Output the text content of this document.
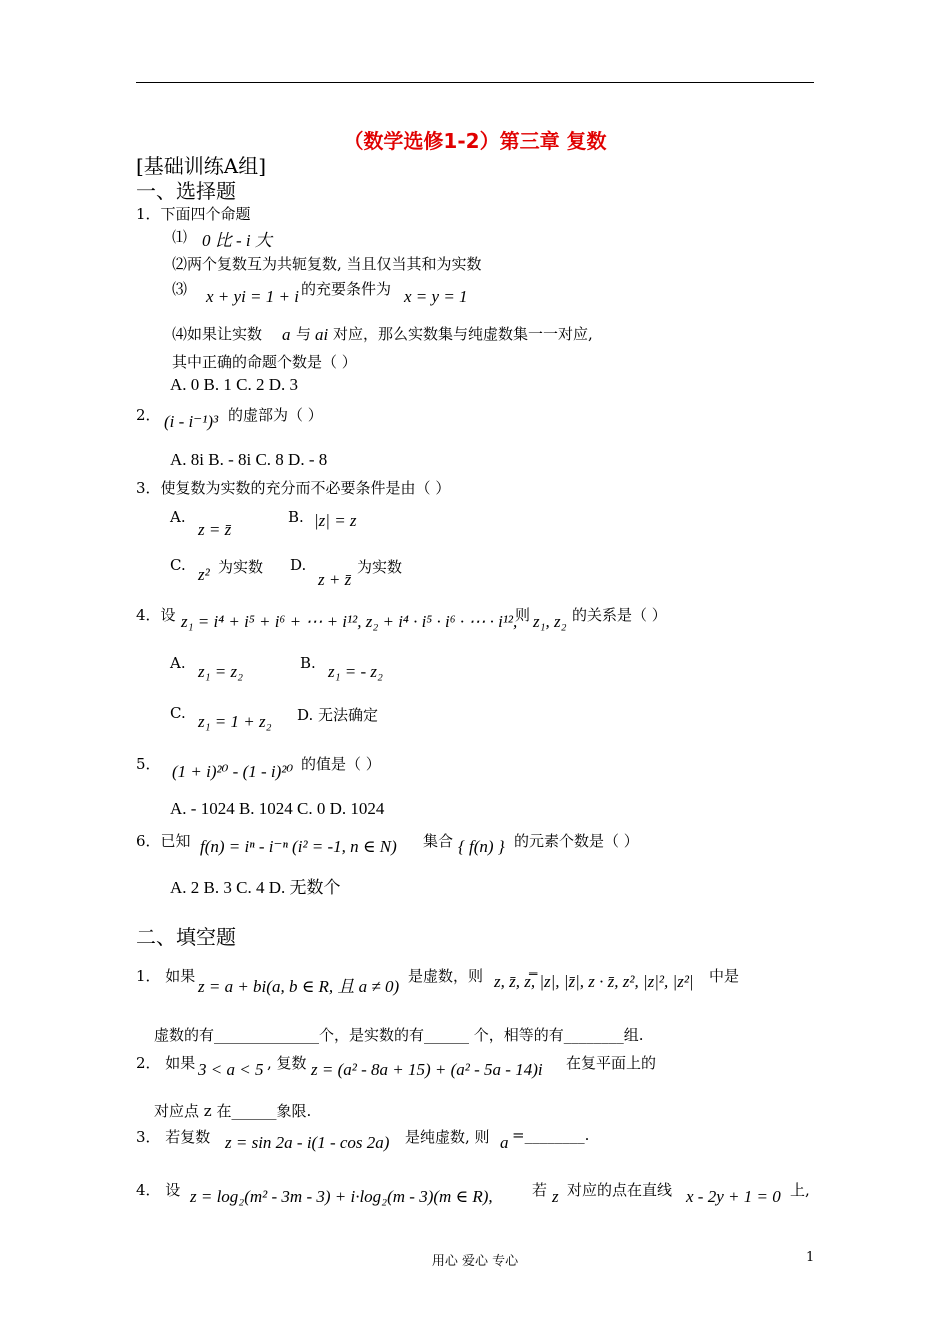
（数学选修1-2）第三章 复数
[基础训练A组]
一、选择题
1．下面四个命题
⑴ 0 比 - i 大
⑵两个复数互为共轭复数, 当且仅当其和为实数
⑶ x + yi = 1 + i 的充要条件为 x = y = 1
⑷如果让实数 a 与 ai 对应，那么实数集与纯虚数集一一对应,
其中正确的命题个数是（ ）
A. 0 B. 1 C. 2 D. 3
2． (i - i⁻¹)³ 的虚部为（ ）
A. 8i B. - 8i C. 8 D. - 8
3．使复数为实数的充分而不必要条件是由（ ）
A.
z = z̄
B. |z| = z
C. z² 为实数 D.
z + z̄
为实数
4．设 z₁ = i⁴ + i⁵ + i⁶ + ⋯ + i¹², z₂ + i⁴ · i⁵ · i⁶ · ⋯ · i¹²,
则 z₁, z₂ 的关系是（ ）
A. z₁ = z₂	B. z₁ = - z₂
C. z₁ = 1 + z₂ D. 无法确定
5． (1 + i)²⁰ - (1 - i)²⁰ 的值是（ ）
A. - 1024 B. 1024 C. 0 D. 1024
6．已知 f(n) = iⁿ - i⁻ⁿ (i² = -1, n ∈ N) 集合 { f(n) } 的元素个数是（ ）
A. 2 B. 3 C. 4 D. 无数个
二、填空题
1． 如果
z = a + bi(a, b ∈ R, 且 a ≠ 0)
是虚数，则 z, z̄, z̿, |z|, |z̄|, z · z̄, z², |z|², |z²| 中是
虚数的有______________个，是实数的有______ 个，相等的有________组.
2． 如果 3 < a < 5 , 复数 z = (a² - 8a + 15) + (a² - 5a - 14)i 在复平面上的
对应点 z 在______象限.
3． 若复数 z = sin 2a - i(1 - cos 2a) 是纯虚数, 则 a =________.
4． 设 z = log₂(m² - 3m - 3) + i·log₂(m - 3)(m ∈ R),	若 z 对应的点在直线 x - 2y + 1 = 0 上,
用心 爱心 专心	1
